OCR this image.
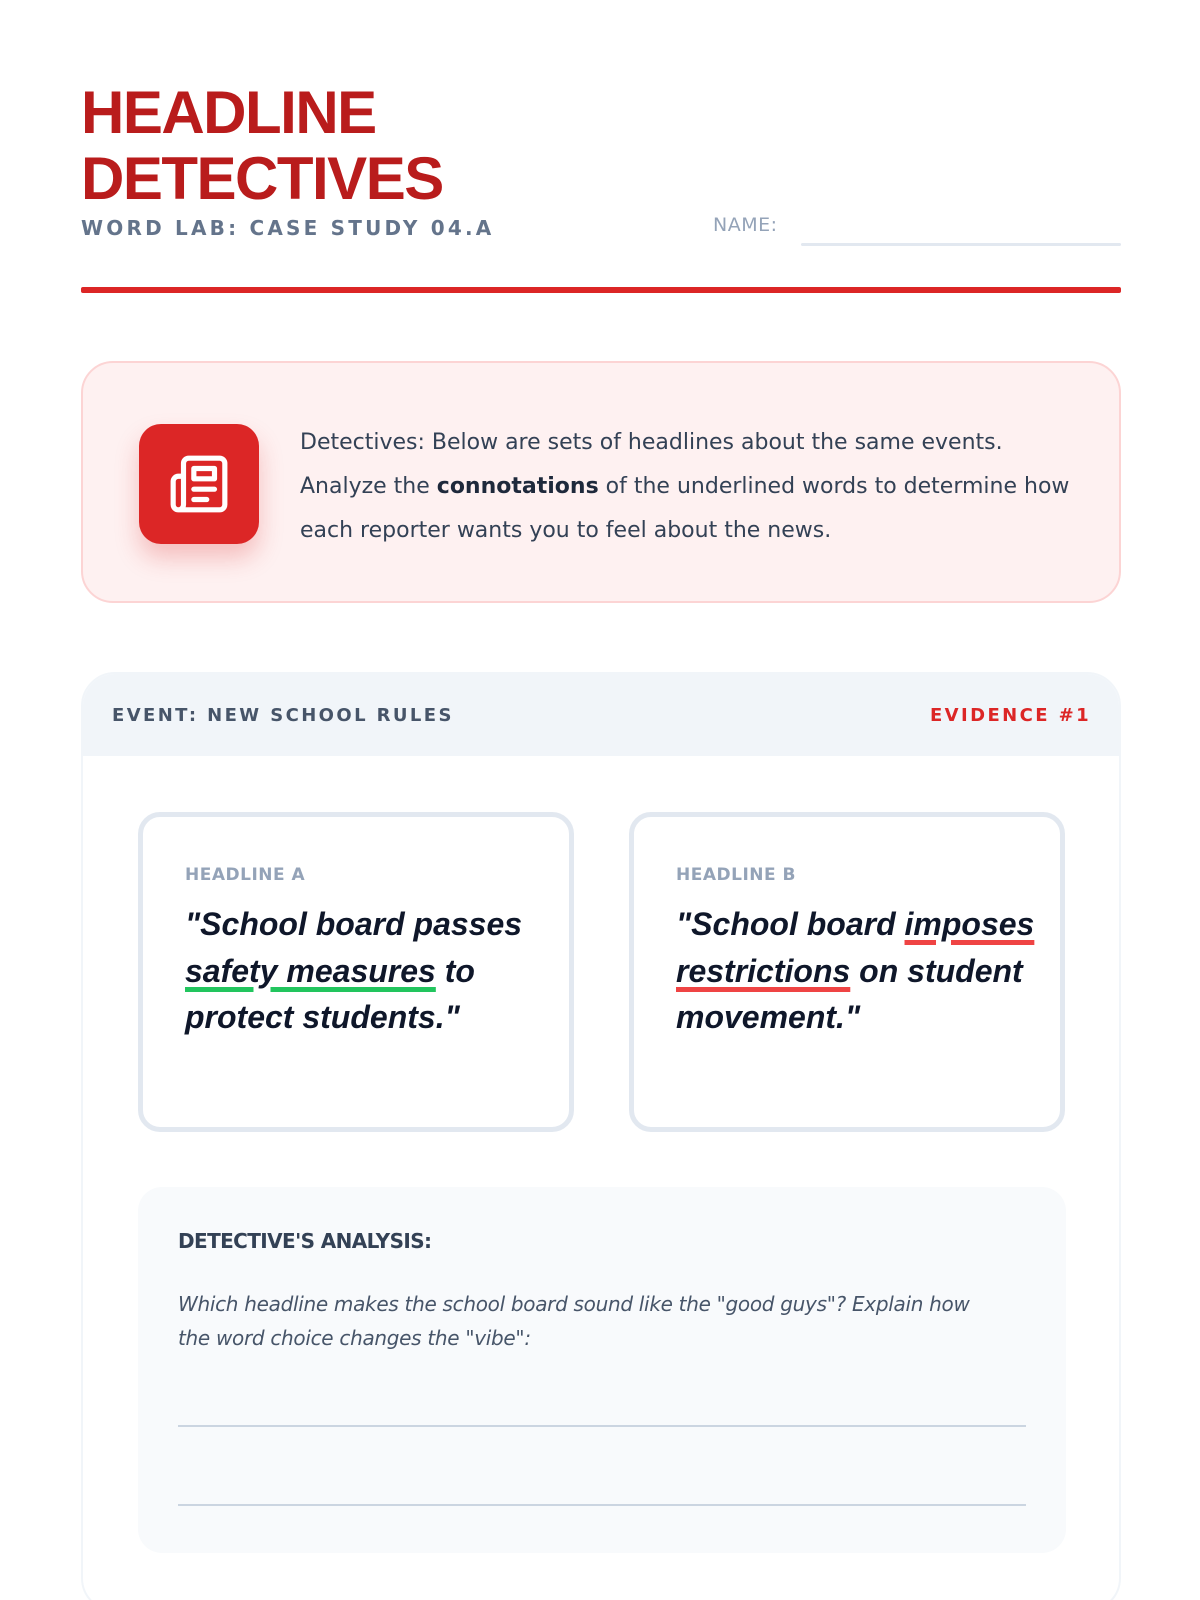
HEADLINE
DETECTIVES
WORD LAB: CASE STUDY 04.A	NAME:

Detectives: Below are sets of headlines about the same events. Analyze the connotations of the underlined words to determine how each reporter wants you to feel about the news.

EVENT: NEW SCHOOL RULES	EVIDENCE #1
HEADLINE A
"School board passes safety measures to protect students."
HEADLINE B
"School board imposes restrictions on student movement."
DETECTIVE'S ANALYSIS:

Which headline makes the school board sound like the "good guys"? Explain how the word choice changes the "vibe":
